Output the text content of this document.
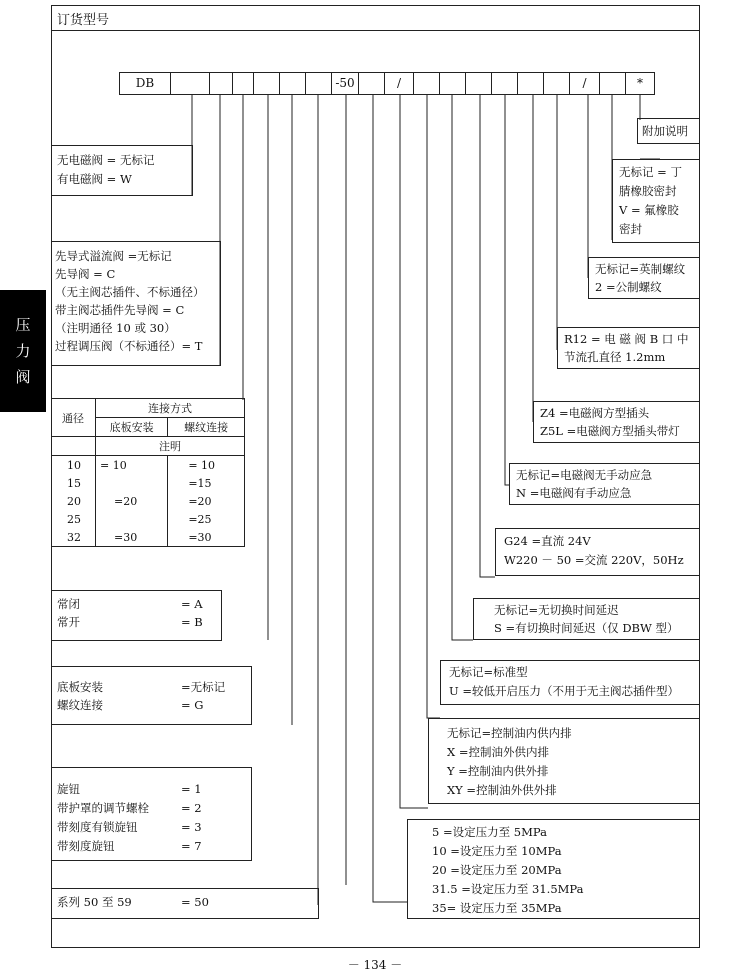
订货型号
压
力
阀
DB	-50	/	/	*
附加说明
无标记 = 丁
腈橡胶密封
V = 氟橡胶
密封
无标记=英制螺纹
2 =公制螺纹
R12 = 电 磁 阀 B 口 中
节流孔直径 1.2mm
Z4 =电磁阀方型插头
Z5L =电磁阀方型插头带灯
无标记=电磁阀无手动应急
N =电磁阀有手动应急
G24 =直流 24V
W220 － 50 =交流 220V，50Hz
无标记=无切换时间延迟
S =有切换时间延迟（仅 DBW 型）
无标记=标准型
U =较低开启压力（不用于无主阀芯插件型）
无标记=控制油内供内排
X =控制油外供内排
Y =控制油内供外排
XY =控制油外供外排
5 =设定压力至 5MPa
10 =设定压力至 10MPa
20 =设定压力至 20MPa
31.5 =设定压力至 31.5MPa
35= 设定压力至 35MPa
无电磁阀 = 无标记
有电磁阀 = W
先导式溢流阀 =无标记
先导阀 = C
（无主阀芯插件、不标通径）
带主阀芯插件先导阀 = C
（注明通径 10 或 30）
过程调压阀（不标通径）= T
通径	连接方式	
	底板安装	螺纹连接
	注明	
10	= 10	= 10
15		=15
20	=20	=20
25		=25
32	=30	=30
常闭	= A
常开	= B
底板安装	=无标记
螺纹连接	= G
旋钮	= 1
带护罩的调节螺栓	= 2
带刻度有锁旋钮	= 3
带刻度旋钮	= 7
系列 50 至 59	= 50
－ 134 －
